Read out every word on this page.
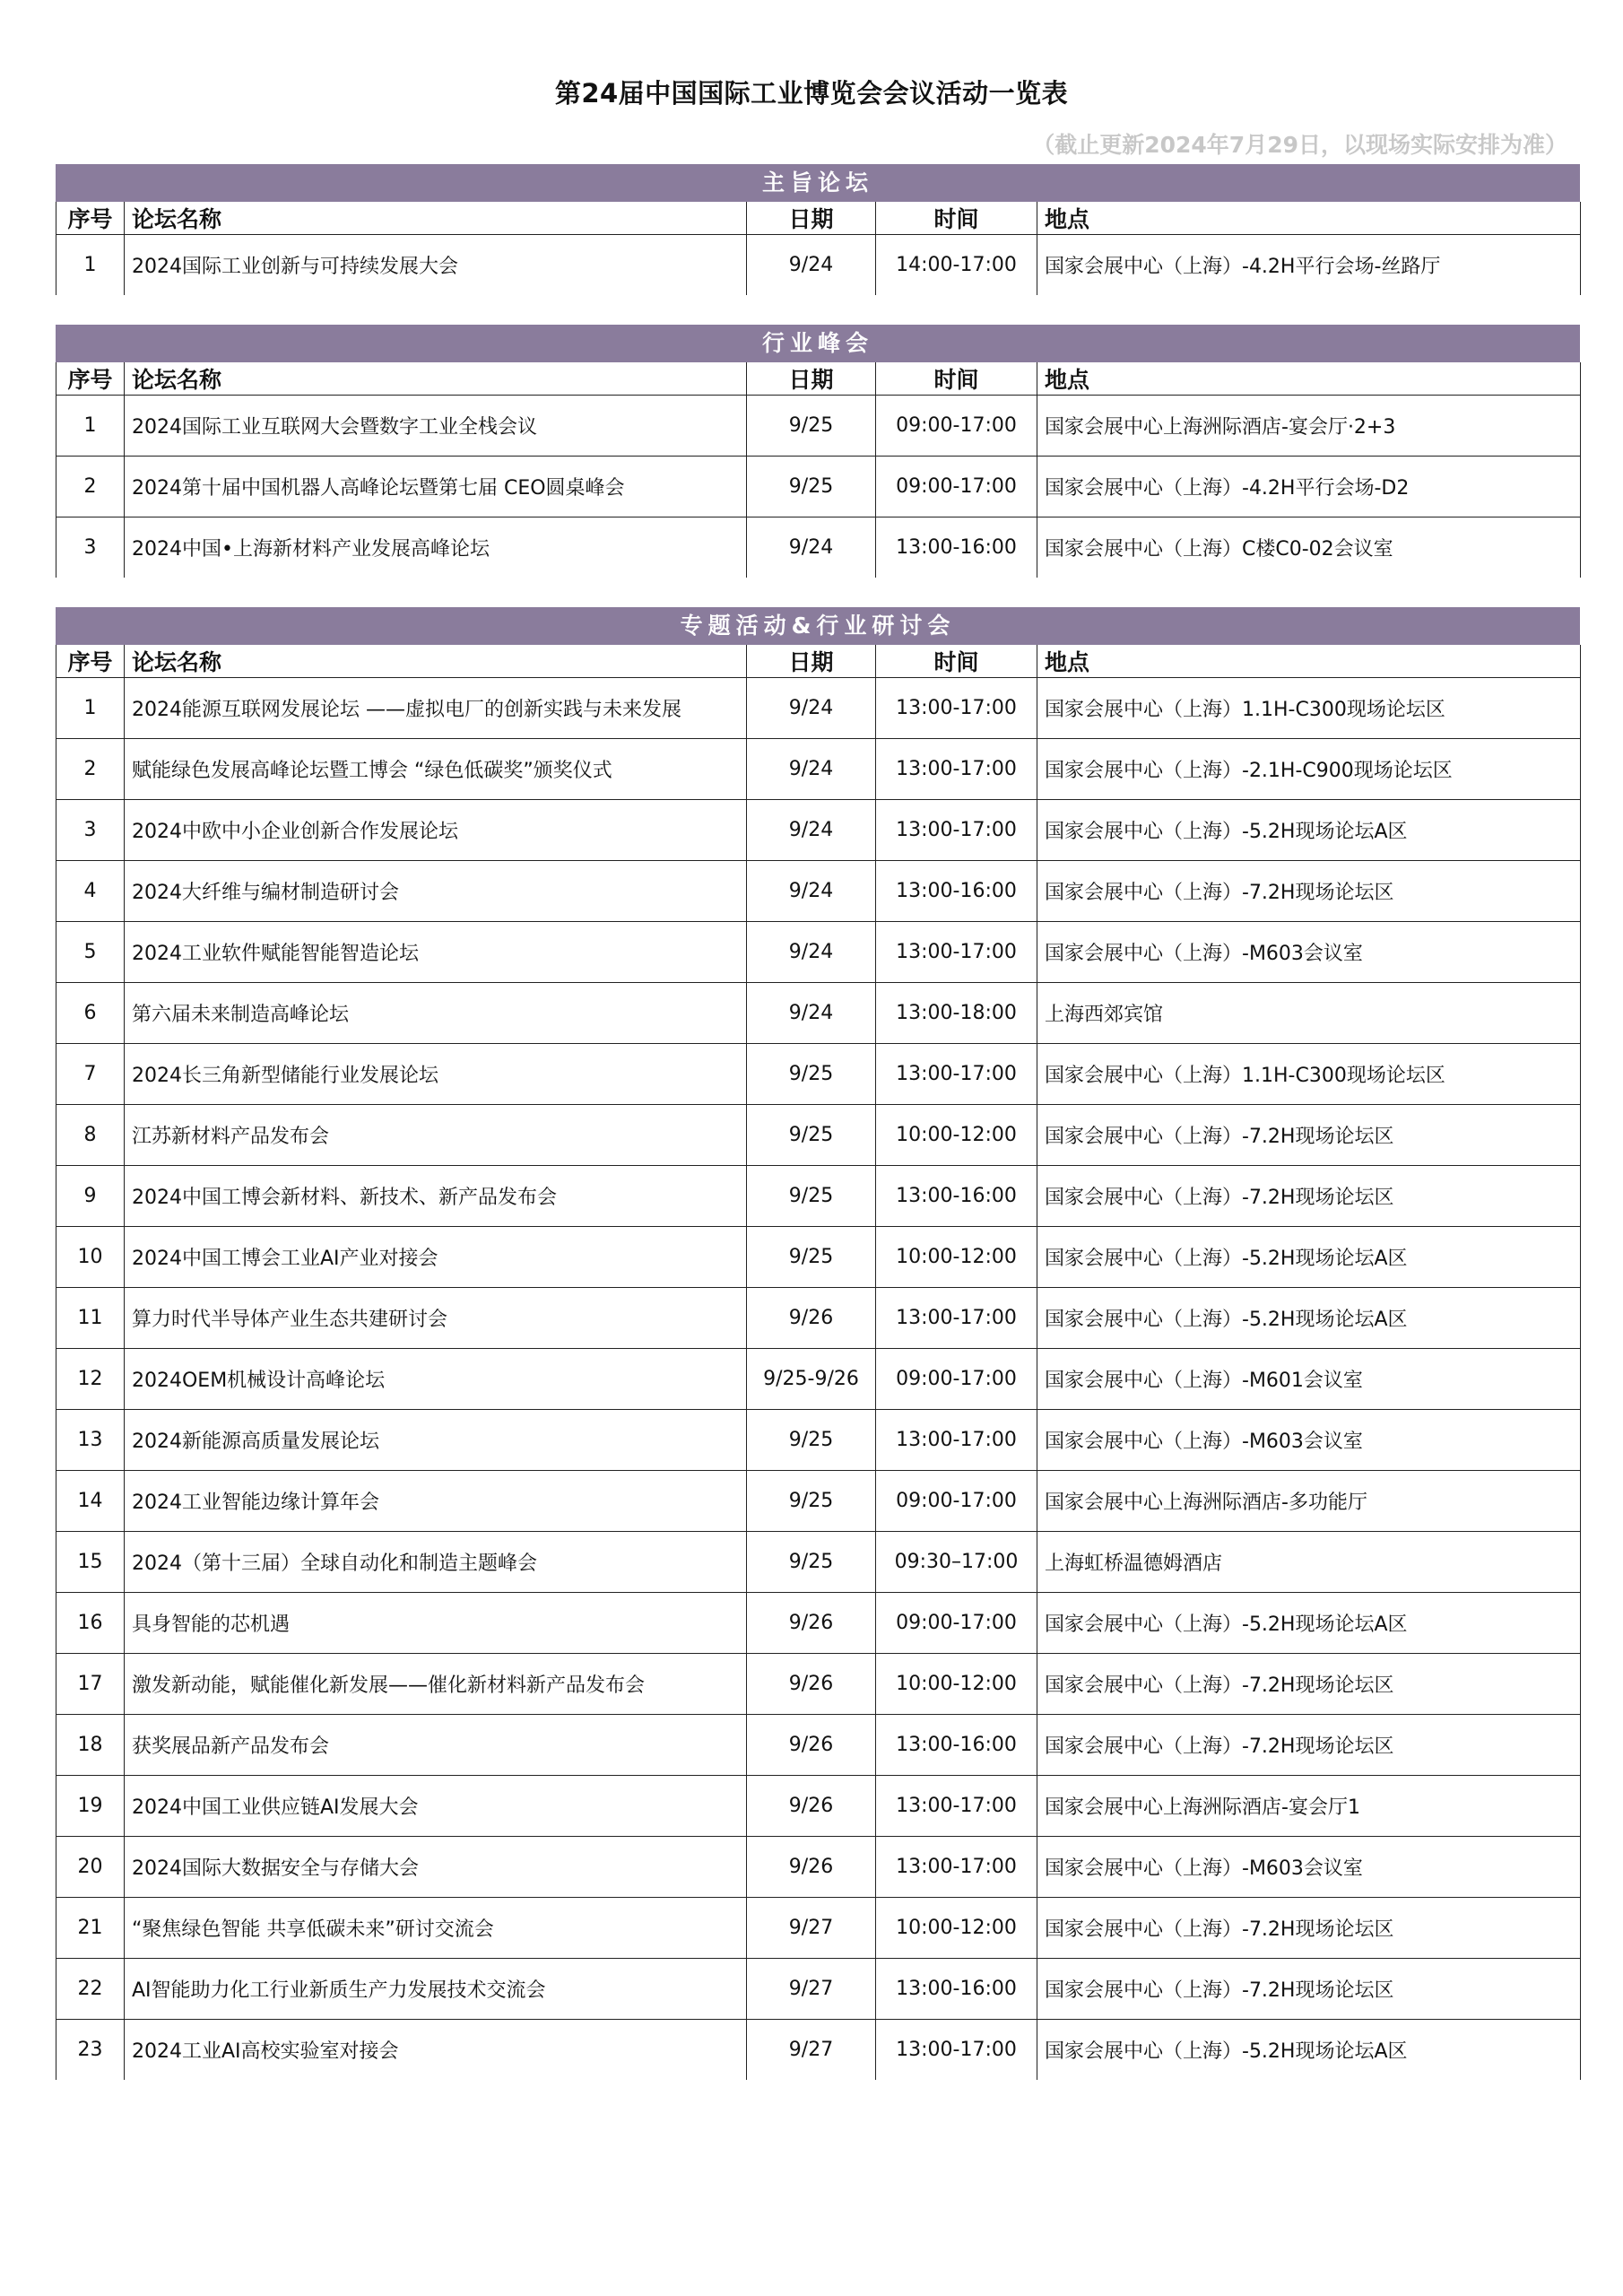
第24届中国国际工业博览会会议活动一览表
（截止更新2024年7月29日，以现场实际安排为准）
主旨论坛
序号	论坛名称	日期	时间	地点
1	2024国际工业创新与可持续发展大会	9/24	14:00-17:00	国家会展中心（上海）-4.2H平行会场-丝路厅
行业峰会
序号	论坛名称	日期	时间	地点
1	2024国际工业互联网大会暨数字工业全栈会议	9/25	09:00-17:00	国家会展中心上海洲际酒店-宴会厅·2+3
2	2024第十届中国机器人高峰论坛暨第七届 CEO圆桌峰会	9/25	09:00-17:00	国家会展中心（上海）-4.2H平行会场-D2
3	2024中国•上海新材料产业发展高峰论坛	9/24	13:00-16:00	国家会展中心（上海）C楼C0-02会议室
专题活动&行业研讨会
序号	论坛名称	日期	时间	地点
1	2024能源互联网发展论坛 ——虚拟电厂的创新实践与未来发展	9/24	13:00-17:00	国家会展中心（上海）1.1H-C300现场论坛区
2	赋能绿色发展高峰论坛暨工博会 “绿色低碳奖”颁奖仪式	9/24	13:00-17:00	国家会展中心（上海）-2.1H-C900现场论坛区
3	2024中欧中小企业创新合作发展论坛	9/24	13:00-17:00	国家会展中心（上海）-5.2H现场论坛A区
4	2024大纤维与编材制造研讨会	9/24	13:00-16:00	国家会展中心（上海）-7.2H现场论坛区
5	2024工业软件赋能智能智造论坛	9/24	13:00-17:00	国家会展中心（上海）-M603会议室
6	第六届未来制造高峰论坛	9/24	13:00-18:00	上海西郊宾馆
7	2024长三角新型储能行业发展论坛	9/25	13:00-17:00	国家会展中心（上海）1.1H-C300现场论坛区
8	江苏新材料产品发布会	9/25	10:00-12:00	国家会展中心（上海）-7.2H现场论坛区
9	2024中国工博会新材料、新技术、新产品发布会	9/25	13:00-16:00	国家会展中心（上海）-7.2H现场论坛区
10	2024中国工博会工业AI产业对接会	9/25	10:00-12:00	国家会展中心（上海）-5.2H现场论坛A区
11	算力时代半导体产业生态共建研讨会	9/26	13:00-17:00	国家会展中心（上海）-5.2H现场论坛A区
12	2024OEM机械设计高峰论坛	9/25-9/26	09:00-17:00	国家会展中心（上海）-M601会议室
13	2024新能源高质量发展论坛	9/25	13:00-17:00	国家会展中心（上海）-M603会议室
14	2024工业智能边缘计算年会	9/25	09:00-17:00	国家会展中心上海洲际酒店-多功能厅
15	2024（第十三届）全球自动化和制造主题峰会	9/25	09:30–17:00	上海虹桥温德姆酒店
16	具身智能的芯机遇	9/26	09:00-17:00	国家会展中心（上海）-5.2H现场论坛A区
17	激发新动能，赋能催化新发展——催化新材料新产品发布会	9/26	10:00-12:00	国家会展中心（上海）-7.2H现场论坛区
18	获奖展品新产品发布会	9/26	13:00-16:00	国家会展中心（上海）-7.2H现场论坛区
19	2024中国工业供应链AI发展大会	9/26	13:00-17:00	国家会展中心上海洲际酒店-宴会厅1
20	2024国际大数据安全与存储大会	9/26	13:00-17:00	国家会展中心（上海）-M603会议室
21	“聚焦绿色智能 共享低碳未来”研讨交流会	9/27	10:00-12:00	国家会展中心（上海）-7.2H现场论坛区
22	AI智能助力化工行业新质生产力发展技术交流会	9/27	13:00-16:00	国家会展中心（上海）-7.2H现场论坛区
23	2024工业AI高校实验室对接会	9/27	13:00-17:00	国家会展中心（上海）-5.2H现场论坛A区
